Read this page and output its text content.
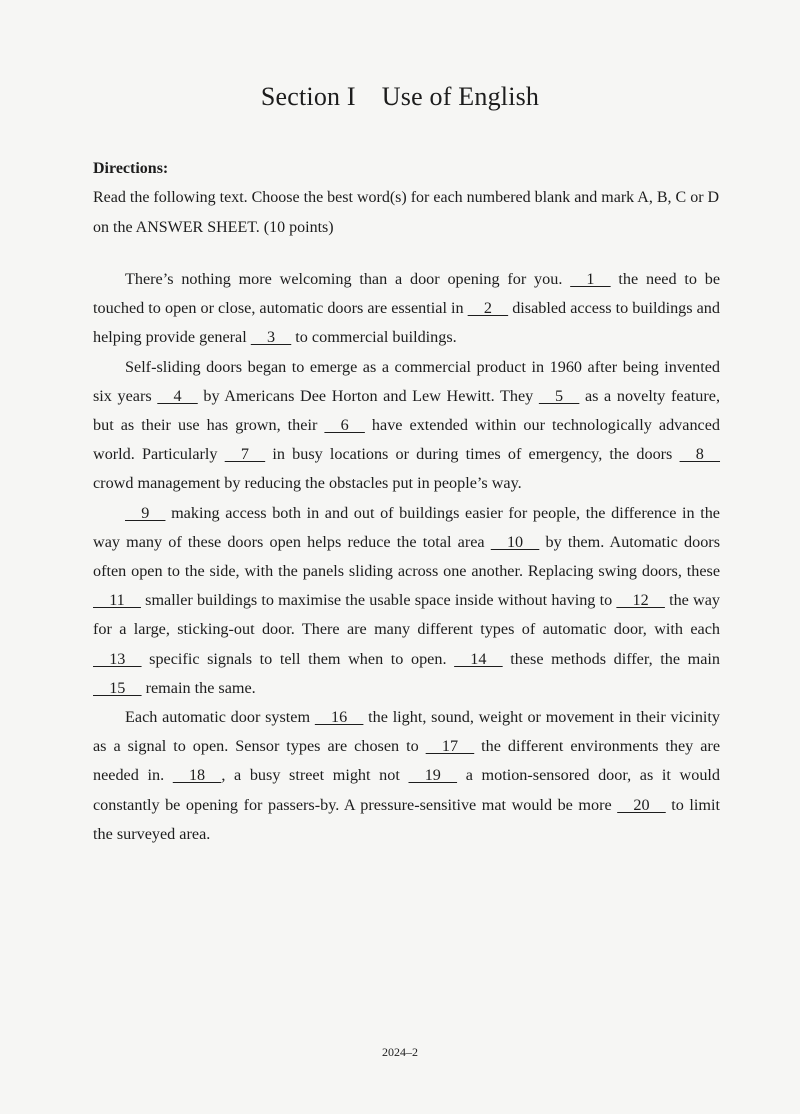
Section I Use of English
Directions:
Read the following text. Choose the best word(s) for each numbered blank and mark A, B, C or D on the ANSWER SHEET. (10 points)

There’s nothing more welcoming than a door opening for you.   1   the need to be touched to open or close, automatic doors are essential in   2   disabled access to buildings and helping provide general   3   to commercial buildings.

Self-sliding doors began to emerge as a commercial product in 1960 after being invented six years   4   by Americans Dee Horton and Lew Hewitt. They   5   as a novelty feature, but as their use has grown, their   6   have extended within our technologically advanced world. Particularly   7   in busy locations or during times of emergency, the doors   8   crowd management by reducing the obstacles put in people’s way.

  9   making access both in and out of buildings easier for people, the difference in the way many of these doors open helps reduce the total area   10   by them. Automatic doors often open to the side, with the panels sliding across one another. Replacing swing doors, these   11   smaller buildings to maximise the usable space inside without having to   12   the way for a large, sticking-out door. There are many different types of automatic door, with each   13   specific signals to tell them when to open.   14   these methods differ, the main   15   remain the same.

Each automatic door system   16   the light, sound, weight or movement in their vicinity as a signal to open. Sensor types are chosen to   17   the different environments they are needed in.   18  , a busy street might not   19   a motion-sensored door, as it would constantly be opening for passers-by. A pressure-sensitive mat would be more   20   to limit the surveyed area.

2024–2
